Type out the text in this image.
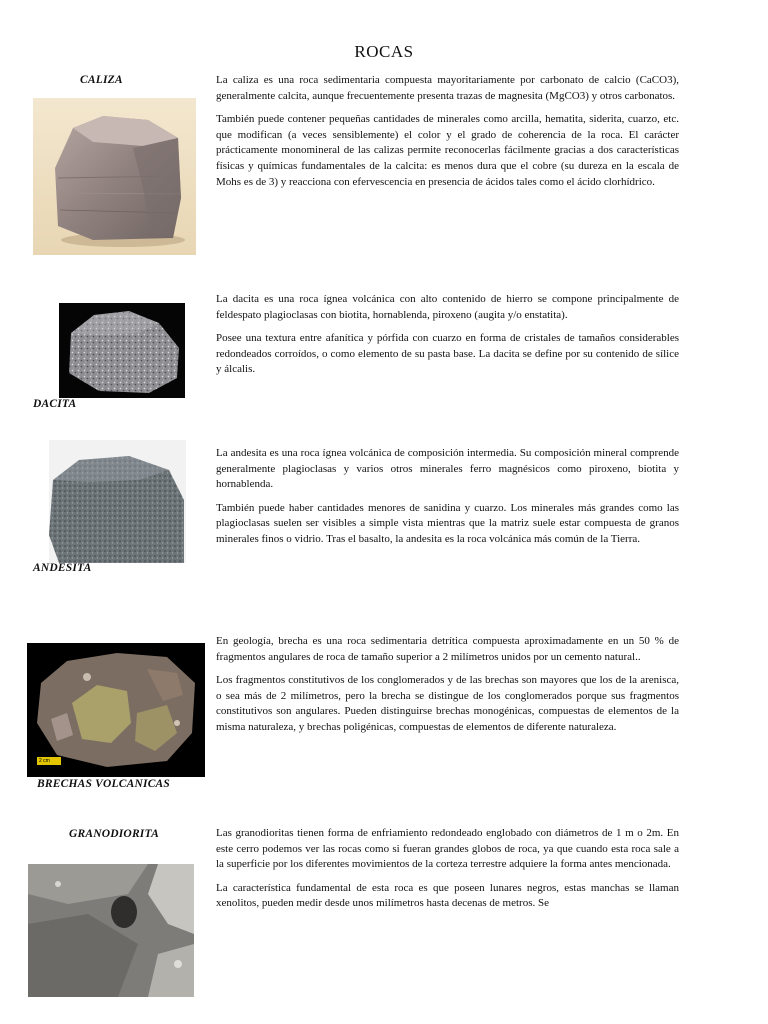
ROCAS
CALIZA	La caliza es una roca sedimentaria compuesta mayoritariamente por carbonato de calcio (CaCO3), generalmente calcita, aunque frecuentemente presenta trazas de magnesita (MgCO3) y otros carbonatos.

También puede contener pequeñas cantidades de minerales como arcilla, hematita, siderita, cuarzo, etc. que modifican (a veces sensiblemente) el color y el grado de coherencia de la roca. El carácter prácticamente monomineral de las calizas permite reconocerlas fácilmente gracias a dos características físicas y químicas fundamentales de la calcita: es menos dura que el cobre (su dureza en la escala de Mohs es de 3) y reacciona con efervescencia en presencia de ácidos tales como el ácido clorhídrico.

DACITA

La dacita es una roca ígnea volcánica con alto contenido de hierro se compone principalmente de feldespato plagioclasas con biotita, hornablenda, piroxeno (augita y/o enstatita).

Posee una textura entre afanítica y pórfida con cuarzo en forma de cristales de tamaños considerables redondeados corroídos, o como elemento de su pasta base. La dacita se define por su contenido de sílice y álcalis.

ANDESITA

La andesita es una roca ígnea volcánica de composición intermedia. Su composición mineral comprende generalmente plagioclasas y varios otros minerales ferro magnésicos como piroxeno, biotita y hornablenda.

También puede haber cantidades menores de sanidina y cuarzo. Los minerales más grandes como las plagioclasas suelen ser visibles a simple vista mientras que la matriz suele estar compuesta de granos minerales finos o vidrio. Tras el basalto, la andesita es la roca volcánica más común de la Tierra.

2 cm
BRECHAS VOLCANICAS

En geología, brecha es una roca sedimentaria detrítica compuesta aproximadamente en un 50 % de fragmentos angulares de roca de tamaño superior a 2 milímetros unidos por un cemento natural..

Los fragmentos constitutivos de los conglomerados y de las brechas son mayores que los de la arenisca, o sea más de 2 milímetros, pero la brecha se distingue de los conglomerados porque sus fragmentos constitutivos son angulares. Pueden distinguirse brechas monogénicas, compuestas de elementos de la misma naturaleza, y brechas poligénicas, compuestas de elementos de diferente naturaleza.

GRANODIORITA	Las granodioritas tienen forma de enfriamiento redondeado englobado con diámetros de 1 m o 2m. En este cerro podemos ver las rocas como si fueran grandes globos de roca, ya que cuando esta roca sale a la superficie por los diferentes movimientos de la corteza terrestre adquiere la forma antes mencionada.

La característica fundamental de esta roca es que poseen lunares negros, estas manchas se llaman xenolitos, pueden medir desde unos milímetros hasta decenas de metros. Se
